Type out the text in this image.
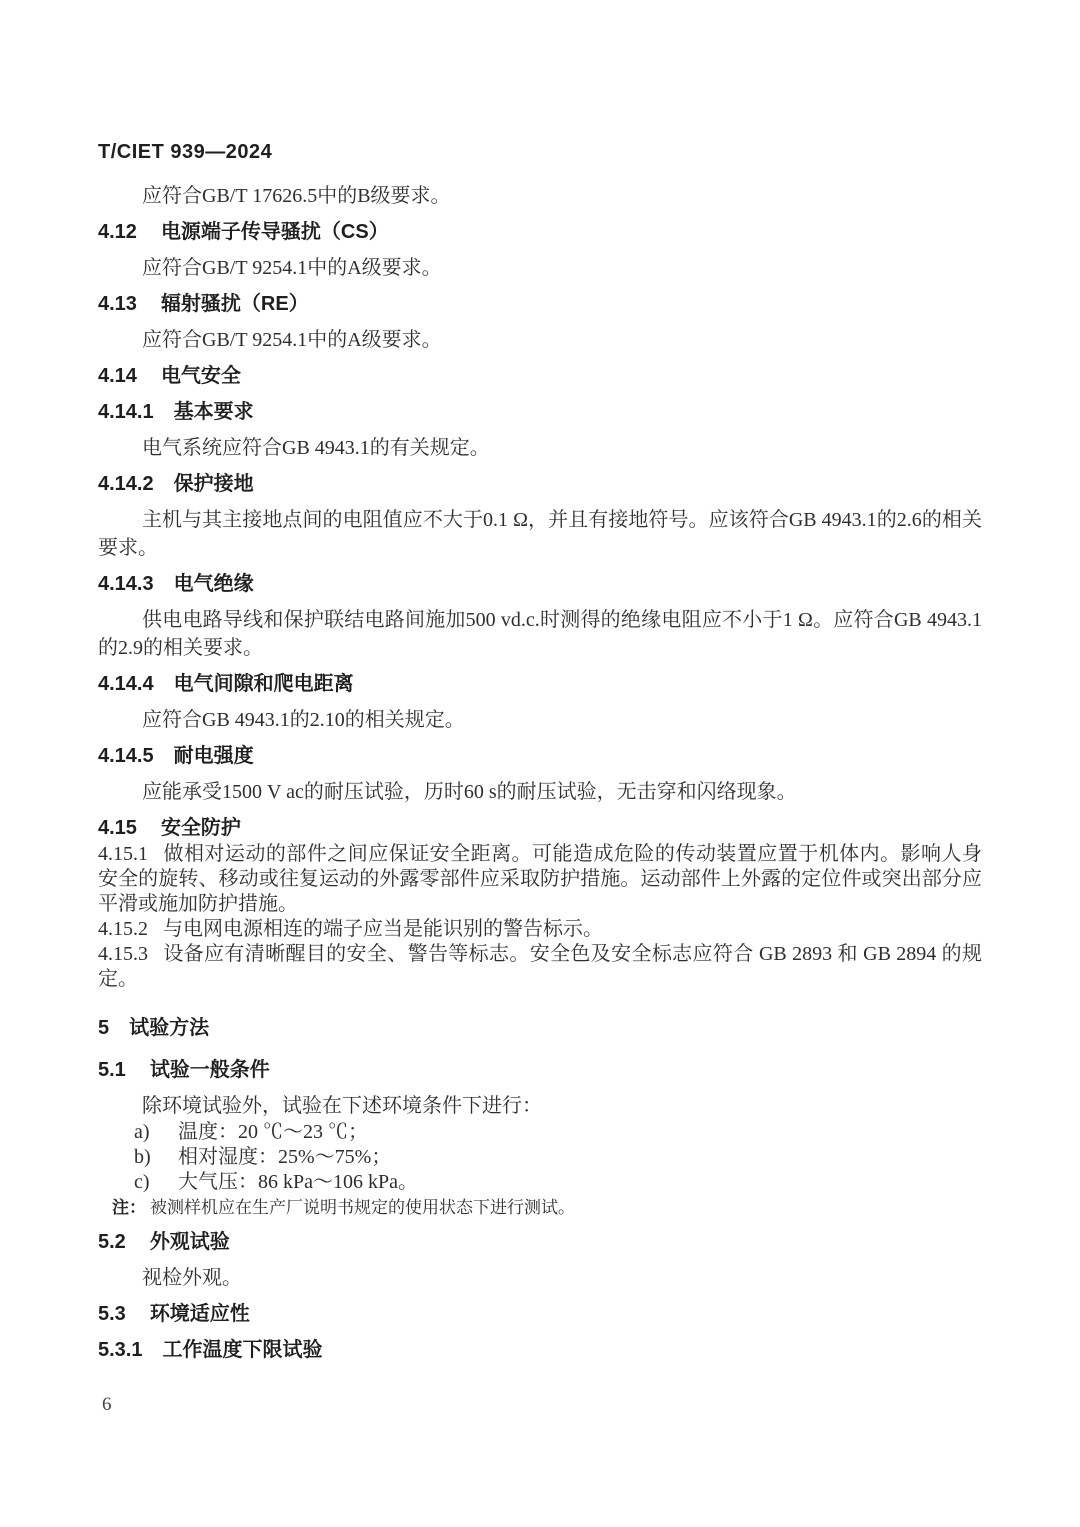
T/CIET 939—2024

应符合GB/T 17626.5中的B级要求。

4.12 电源端子传导骚扰（CS）

应符合GB/T 9254.1中的A级要求。

4.13 辐射骚扰（RE）

应符合GB/T 9254.1中的A级要求。

4.14 电气安全
4.14.1 基本要求

电气系统应符合GB 4943.1的有关规定。

4.14.2 保护接地

主机与其主接地点间的电阻值应不大于0.1 Ω，并且有接地符号。应该符合GB 4943.1的2.6的相关要求。

4.14.3 电气绝缘

供电电路导线和保护联结电路间施加500 vd.c.时测得的绝缘电阻应不小于1 Ω。应符合GB 4943.1的2.9的相关要求。

4.14.4 电气间隙和爬电距离

应符合GB 4943.1的2.10的相关规定。

4.14.5 耐电强度

应能承受1500 V ac的耐压试验，历时60 s的耐压试验，无击穿和闪络现象。

4.15 安全防护

4.15.1 做相对运动的部件之间应保证安全距离。可能造成危险的传动装置应置于机体内。影响人身安全的旋转、移动或往复运动的外露零部件应采取防护措施。运动部件上外露的定位件或突出部分应平滑或施加防护措施。

4.15.2 与电网电源相连的端子应当是能识别的警告标示。

4.15.3 设备应有清晰醒目的安全、警告等标志。安全色及安全标志应符合 GB 2893 和 GB 2894 的规定。

5 试验方法
5.1 试验一般条件

除环境试验外，试验在下述环境条件下进行：

a) 温度：20 ℃～23 ℃；
b) 相对湿度：25%～75%；
c) 大气压：86 kPa～106 kPa。
注： 被测样机应在生产厂说明书规定的使用状态下进行测试。
5.2 外观试验

视检外观。

5.3 环境适应性
5.3.1 工作温度下限试验
6
